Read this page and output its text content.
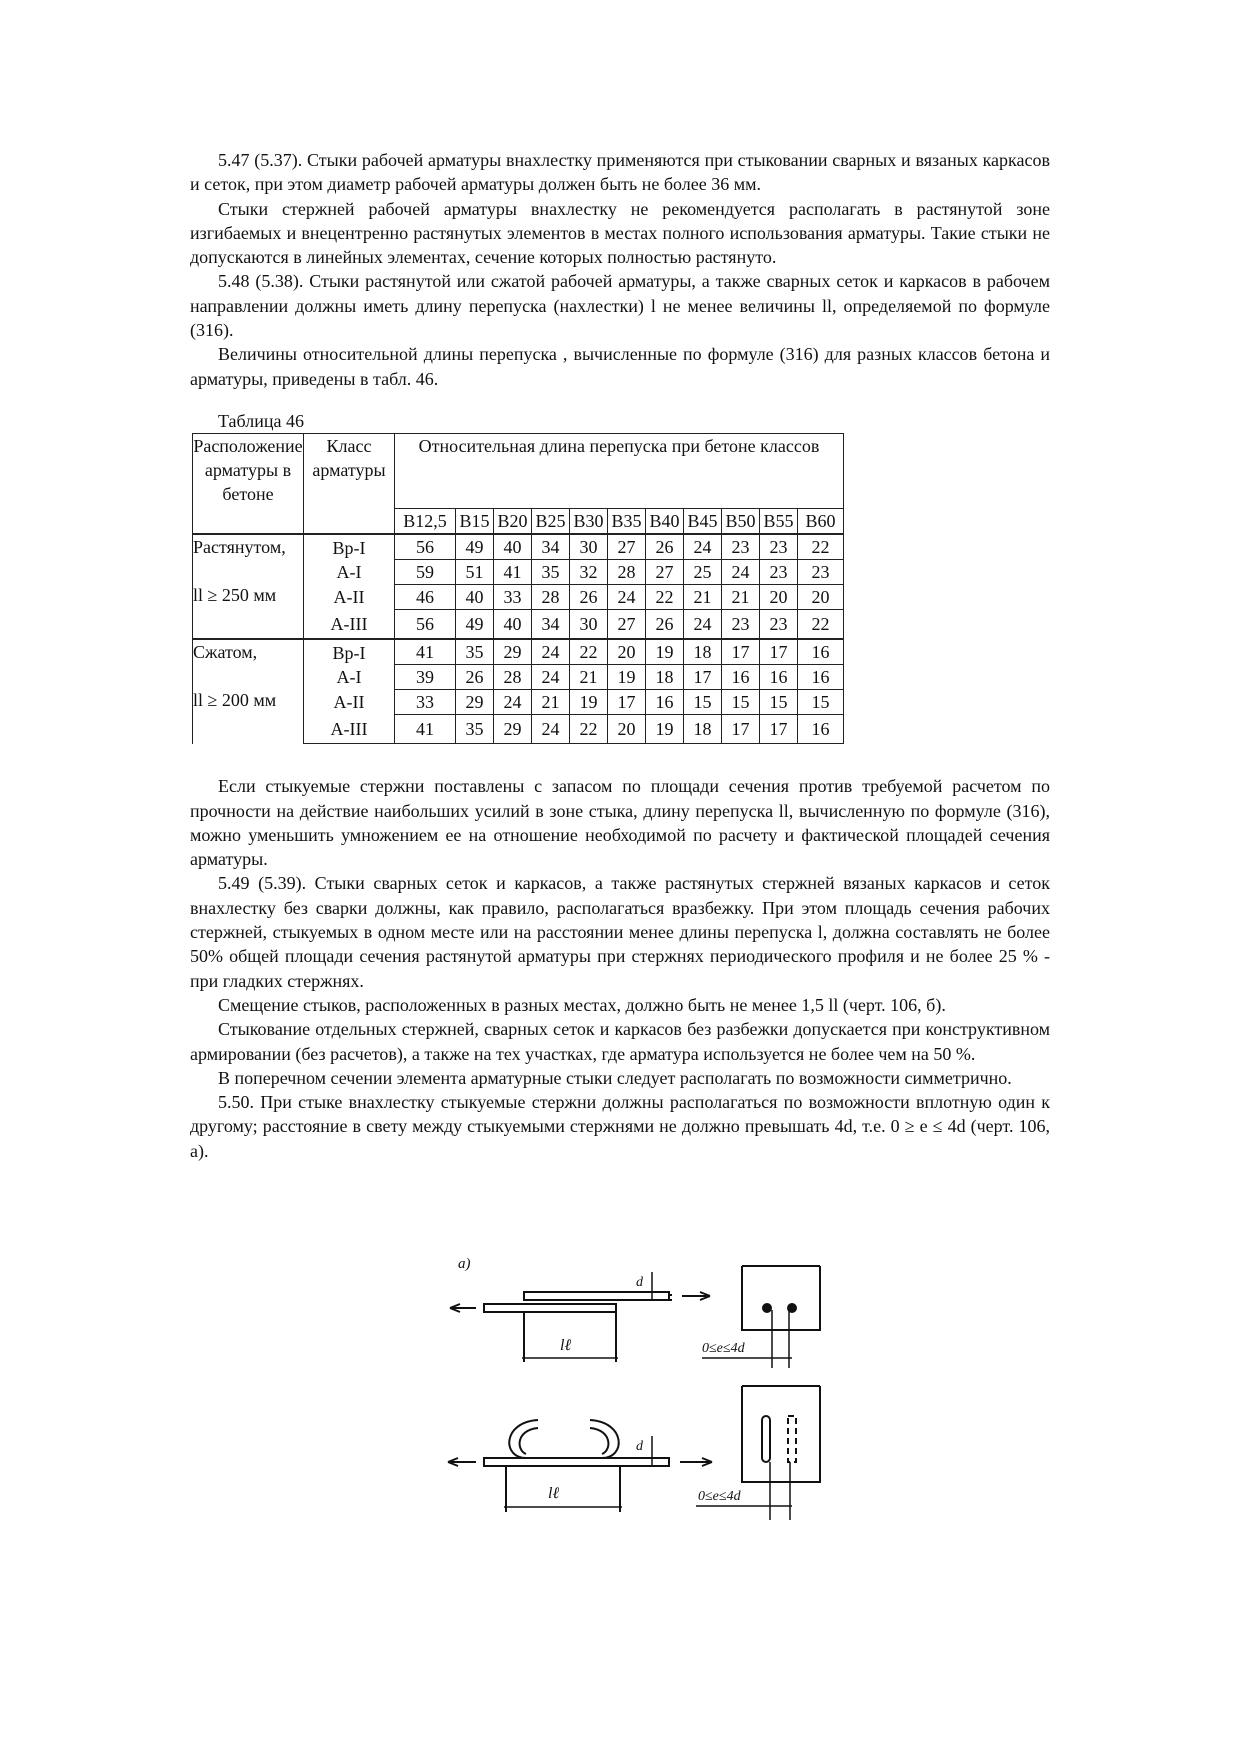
5.47 (5.37). Стыки рабочей арматуры внахлестку применяются при стыковании сварных и вязаных каркасов и сеток, при этом диаметр рабочей арматуры должен быть не более 36 мм.

Стыки стержней рабочей арматуры внахлестку не рекомендуется располагать в растянутой зоне изгибаемых и внецентренно растянутых элементов в местах полного использования арматуры. Такие стыки не допускаются в линейных элементах, сечение которых полностью растянуто.

5.48 (5.38). Стыки растянутой или сжатой рабочей арматуры, а также сварных сеток и каркасов в рабочем направлении должны иметь длину перепуска (нахлестки) l не менее величины ll, определяемой по формуле (316).

Величины относительной длины перепуска , вычисленные по формуле (316) для разных классов бетона и арматуры, приведены в табл. 46.

Таблица 46
Расположение арматуры в бетоне	Класс арматуры	Относительная длина перепуска при бетоне классов										
		B12,5	B15	B20	B25	B30	B35	B40	B45	B50	B55	B60

Растянутом,
ll ≥ 250 мм	Bp-I	56	49	40	34	30	27	26	24	23	23	22
	A-I	59	51	41	35	32	28	27	25	24	23	23
	A-II	46	40	33	28	26	24	22	21	21	20	20
	A-III	56	49	40	34	30	27	26	24	23	23	22

Сжатом,
ll ≥ 200 мм	Bp-I	41	35	29	24	22	20	19	18	17	17	16
	A-I	39	26	28	24	21	19	18	17	16	16	16
	A-II	33	29	24	21	19	17	16	15	15	15	15
	A-III	41	35	29	24	22	20	19	18	17	17	16

Если стыкуемые стержни поставлены с запасом по площади сечения против требуемой расчетом по прочности на действие наибольших усилий в зоне стыка, длину перепуска ll, вычисленную по формуле (316), можно уменьшить умножением ее на отношение необходимой по расчету и фактической площадей сечения арматуры.

5.49 (5.39). Стыки сварных сеток и каркасов, а также растянутых стержней вязаных каркасов и сеток внахлестку без сварки должны, как правило, располагаться вразбежку. При этом площадь сечения рабочих стержней, стыкуемых в одном месте или на расстоянии менее длины перепуска l, должна составлять не более 50% общей площади сечения растянутой арматуры при стержнях периодического профиля и не более 25 % - при гладких стержнях.

Смещение стыков, расположенных в разных местах, должно быть не менее 1,5 ll (черт. 106, б).

Стыкование отдельных стержней, сварных сеток и каркасов без разбежки допускается при конструктивном армировании (без расчетов), а также на тех участках, где арматура используется не более чем на 50 %.

В поперечном сечении элемента арматурные стыки следует располагать по возможности симметрично.

5.50. При стыке внахлестку стыкуемые стержни должны располагаться по возможности вплотную один к другому; расстояние в свету между стыкуемыми стержнями не должно превышать 4d, т.е. 0 ≥ e ≤ 4d (черт. 106, а).

а)
lℓ
d
0≤e≤4d
lℓ
d
0≤e≤4d
